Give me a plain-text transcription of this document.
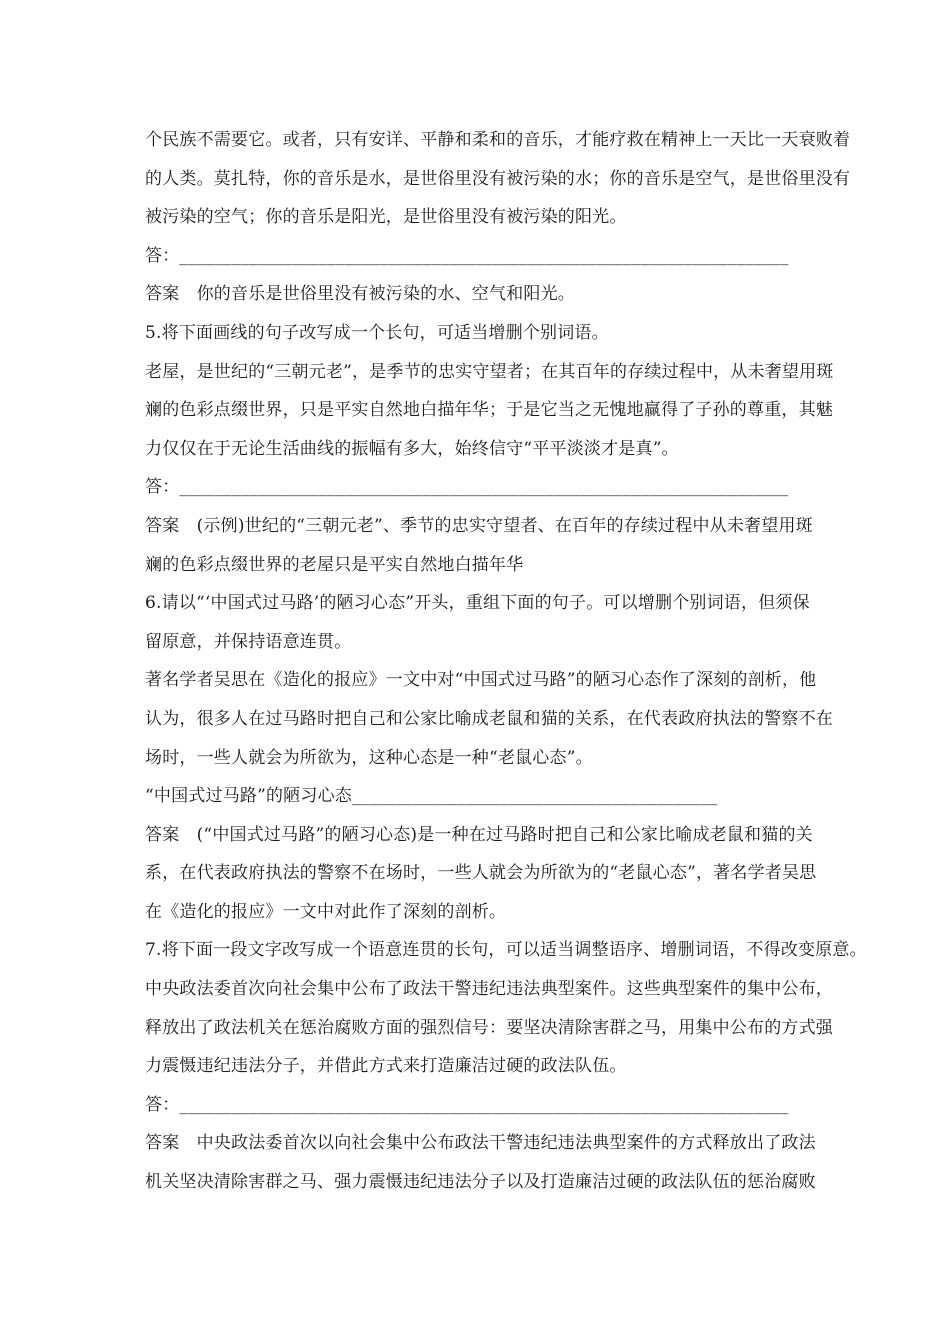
个民族不需要它。或者，只有安详、平静和柔和的音乐，才能疗救在精神上一天比一天衰败着
的人类。莫扎特，你的音乐是水，是世俗里没有被污染的水；你的音乐是空气，是世俗里没有
被污染的空气；你的音乐是阳光，是世俗里没有被污染的阳光。
答：______________________________________________________________________
答案　你的音乐是世俗里没有被污染的水、空气和阳光。
5.将下面画线的句子改写成一个长句，可适当增删个别词语。
老屋，是世纪的“三朝元老”，是季节的忠实守望者；在其百年的存续过程中，从未奢望用斑
斓的色彩点缀世界，只是平实自然地白描年华；于是它当之无愧地赢得了子孙的尊重，其魅
力仅仅在于无论生活曲线的振幅有多大，始终信守“平平淡淡才是真”。
答：______________________________________________________________________
答案　(示例)世纪的“三朝元老”、季节的忠实守望者、在百年的存续过程中从未奢望用斑
斓的色彩点缀世界的老屋只是平实自然地白描年华
6.请以“‘中国式过马路’的陋习心态”开头，重组下面的句子。可以增删个别词语，但须保
留原意，并保持语意连贯。
著名学者吴思在《造化的报应》一文中对“中国式过马路”的陋习心态作了深刻的剖析，他
认为，很多人在过马路时把自己和公家比喻成老鼠和猫的关系，在代表政府执法的警察不在
场时，一些人就会为所欲为，这种心态是一种“老鼠心态”。
“中国式过马路”的陋习心态__________________________________________
答案　(“中国式过马路”的陋习心态)是一种在过马路时把自己和公家比喻成老鼠和猫的关
系，在代表政府执法的警察不在场时，一些人就会为所欲为的“老鼠心态”，著名学者吴思
在《造化的报应》一文中对此作了深刻的剖析。
7.将下面一段文字改写成一个语意连贯的长句，可以适当调整语序、增删词语，不得改变原意。
中央政法委首次向社会集中公布了政法干警违纪违法典型案件。这些典型案件的集中公布，
释放出了政法机关在惩治腐败方面的强烈信号：要坚决清除害群之马，用集中公布的方式强
力震慑违纪违法分子，并借此方式来打造廉洁过硬的政法队伍。
答：______________________________________________________________________
答案　中央政法委首次以向社会集中公布政法干警违纪违法典型案件的方式释放出了政法
机关坚决清除害群之马、强力震慑违纪违法分子以及打造廉洁过硬的政法队伍的惩治腐败
